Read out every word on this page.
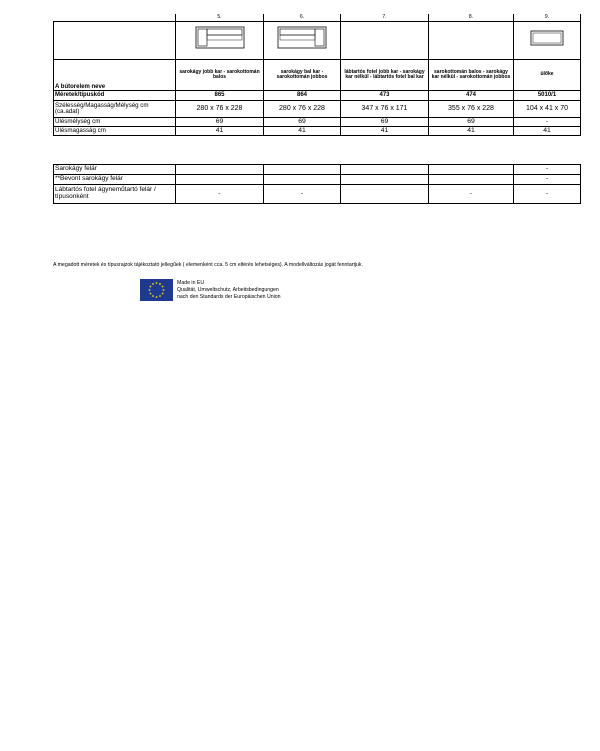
	5.	6.	7.	8.	9.

A bútorelem neve	sarokágy jobb kar - sarokottomán balos	sarokágy bal kar - sarokottomán jobbos	lábtartós fotel jobb kar - sarokágy kar nélkül - lábtartós fotel bal kar	sarokottomán balos - sarokágy kar nélkül - sarokottomán jobbos	ülőke
Méretek/típuskód	865	864	473	474	5010/1
Szélesség/Magasság/Mélység cm (ca.adat)	280 x 76 x 228	280 x 76 x 228	347 x 76 x 171	355 x 76 x 228	104 x 41 x 70
Ülésmélység cm	69	69	69	69	-
Ülésmagasság cm	41	41	41	41	41
Sarokágy felár					-
**Bevont sarokágy felár					-
Lábtartós fotel ágynemůtartó felár / típusonként	-	-		-	-
A megadott méretek és típusrajzok tájékoztató jellegűek ( elemenként cca. 5 cm eltérés lehetséges). A modellváltozás jogát fenntartjuk.
Made in EU
Qualität, Umweltschutz, Arbeitsbedingungen
nach den Standards der Europäischen Union
